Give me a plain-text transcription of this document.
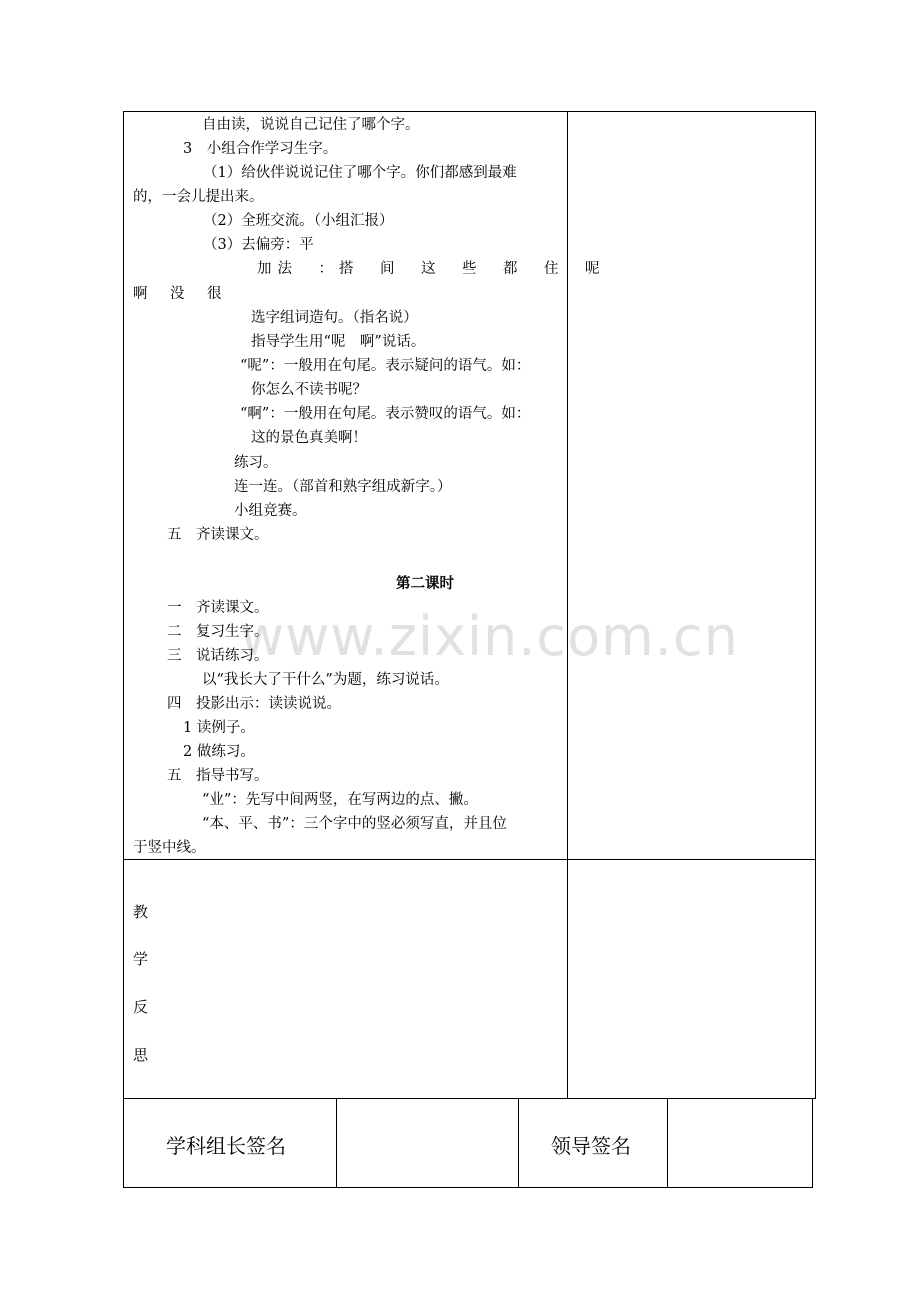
www.zixin.com.cn
自由读，说说自己记住了哪个字。
3　小组合作学习生字。
（1）给伙伴说说记住了哪个字。你们都感到最难
的，一会儿提出来。
（2）全班交流。（小组汇报）
（3）去偏旁：平
加法　：搭　间　这　些　都　住　呢
啊　没　很
选字组词造句。（指名说）
指导学生用“呢　啊”说话。
“呢”：一般用在句尾。表示疑问的语气。如：
你怎么不读书呢？
“啊”：一般用在句尾。表示赞叹的语气。如：
这的景色真美啊！
练习。
连一连。（部首和熟字组成新字。）
小组竞赛。
五　齐读课文。
第二课时
一　齐读课文。
二　复习生字。
三　说话练习。
以“我长大了干什么”为题，练习说话。
四　投影出示：读读说说。
1 读例子。
2 做练习。
五　指导书写。
“业”：先写中间两竖，在写两边的点、撇。
“本、平、书”：三个字中的竖必须写直，并且位
于竖中线。
教
学
反
思
学科组长签名	领导签名
